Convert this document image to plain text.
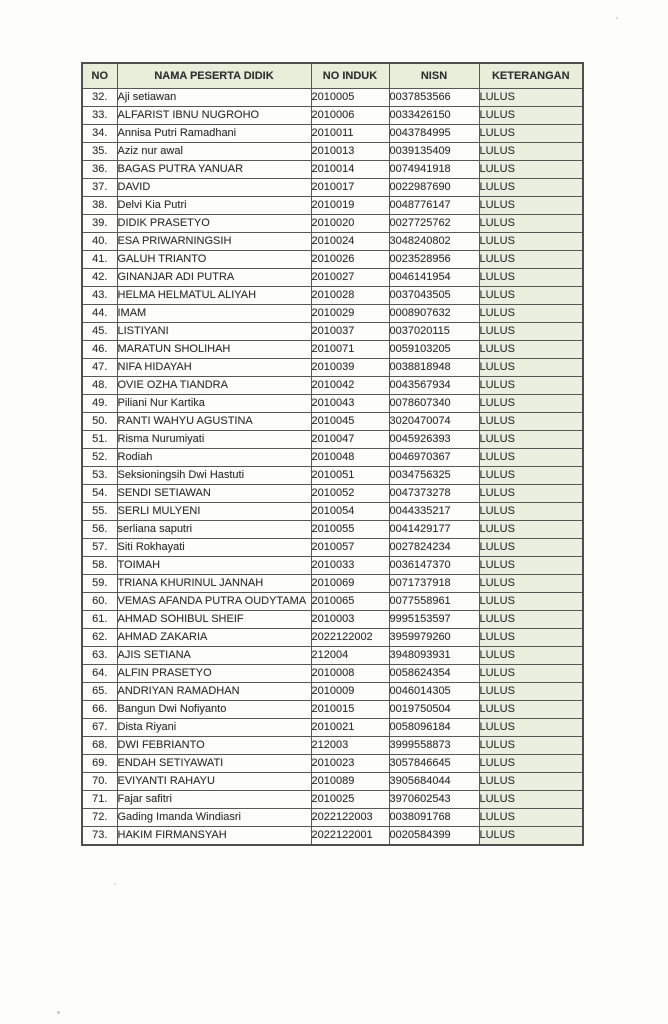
NO	NAMA PESERTA DIDIK	NO INDUK	NISN	KETERANGAN
32.	Aji setiawan	2010005	0037853566	LULUS
33.	ALFARIST IBNU NUGROHO	2010006	0033426150	LULUS
34.	Annisa Putri Ramadhani	2010011	0043784995	LULUS
35.	Aziz nur awal	2010013	0039135409	LULUS
36.	BAGAS PUTRA YANUAR	2010014	0074941918	LULUS
37.	DAVID	2010017	0022987690	LULUS
38.	Delvi Kia Putri	2010019	0048776147	LULUS
39.	DIDIK PRASETYO	2010020	0027725762	LULUS
40.	ESA PRIWARNINGSIH	2010024	3048240802	LULUS
41.	GALUH TRIANTO	2010026	0023528956	LULUS
42.	GINANJAR ADI PUTRA	2010027	0046141954	LULUS
43.	HELMA HELMATUL ALIYAH	2010028	0037043505	LULUS
44.	IMAM	2010029	0008907632	LULUS
45.	LISTIYANI	2010037	0037020115	LULUS
46.	MARATUN SHOLIHAH	2010071	0059103205	LULUS
47.	NIFA HIDAYAH	2010039	0038818948	LULUS
48.	OVIE OZHA TIANDRA	2010042	0043567934	LULUS
49.	Piliani Nur Kartika	2010043	0078607340	LULUS
50.	RANTI WAHYU AGUSTINA	2010045	3020470074	LULUS
51.	Risma Nurumiyati	2010047	0045926393	LULUS
52.	Rodiah	2010048	0046970367	LULUS
53.	Seksioningsih Dwi Hastuti	2010051	0034756325	LULUS
54.	SENDI SETIAWAN	2010052	0047373278	LULUS
55.	SERLI MULYENI	2010054	0044335217	LULUS
56.	serliana saputri	2010055	0041429177	LULUS
57.	Siti Rokhayati	2010057	0027824234	LULUS
58.	TOIMAH	2010033	0036147370	LULUS
59.	TRIANA KHURINUL JANNAH	2010069	0071737918	LULUS
60.	VEMAS AFANDA PUTRA OUDYTAMA	2010065	0077558961	LULUS
61.	AHMAD SOHIBUL SHEIF	2010003	9995153597	LULUS
62.	AHMAD ZAKARIA	2022122002	3959979260	LULUS
63.	AJIS SETIANA	212004	3948093931	LULUS
64.	ALFIN PRASETYO	2010008	0058624354	LULUS
65.	ANDRIYAN RAMADHAN	2010009	0046014305	LULUS
66.	Bangun Dwi Nofiyanto	2010015	0019750504	LULUS
67.	Dista Riyani	2010021	0058096184	LULUS
68.	DWI FEBRIANTO	212003	3999558873	LULUS
69.	ENDAH SETIYAWATI	2010023	3057846645	LULUS
70.	EVIYANTI RAHAYU	2010089	3905684044	LULUS
71.	Fajar safitri	2010025	3970602543	LULUS
72.	Gading Imanda Windiasri	2022122003	0038091768	LULUS
73.	HAKIM FIRMANSYAH	2022122001	0020584399	LULUS
